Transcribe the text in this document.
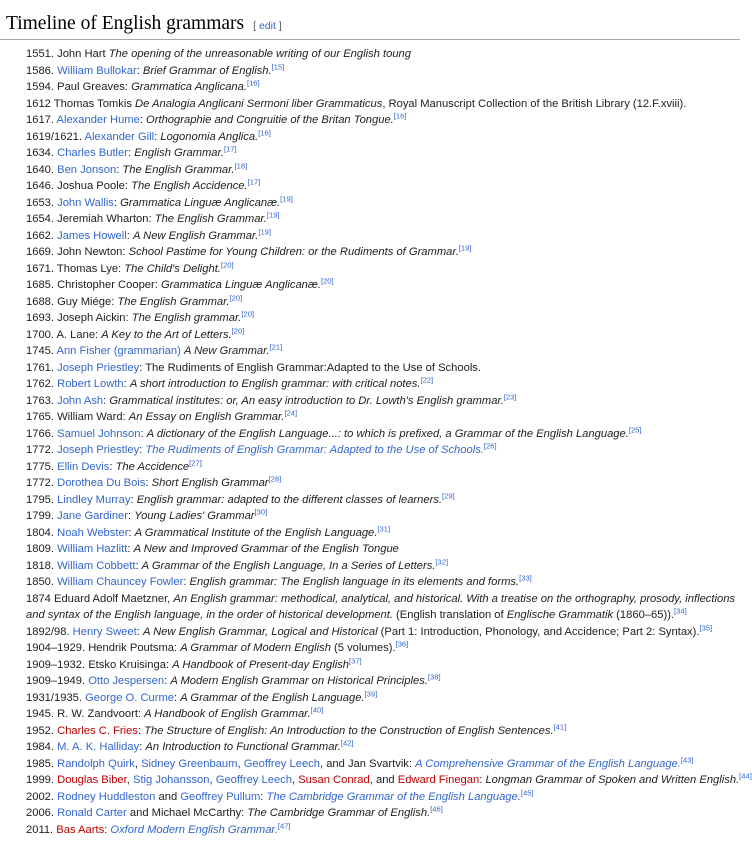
Timeline of English grammars [ edit ]
1551. John Hart The opening of the unreasonable writing of our English toung
1586. William Bullokar: Brief Grammar of English.[15]
1594. Paul Greaves: Grammatica Anglicana.[16]
1612 Thomas Tomkis De Analogia Anglicani Sermoni liber Grammaticus, Royal Manuscript Collection of the British Library (12.F.xviii).
1617. Alexander Hume: Orthographie and Congruitie of the Britan Tongue.[16]
1619/1621. Alexander Gill: Logonomia Anglica.[16]
1634. Charles Butler: English Grammar.[17]
1640. Ben Jonson: The English Grammar.[18]
1646. Joshua Poole: The English Accidence.[17]
1653. John Wallis: Grammatica Linguæ Anglicanæ.[19]
1654. Jeremiah Wharton: The English Grammar.[19]
1662. James Howell: A New English Grammar.[19]
1669. John Newton: School Pastime for Young Children: or the Rudiments of Grammar.[19]
1671. Thomas Lye: The Child's Delight.[20]
1685. Christopher Cooper: Grammatica Linguæ Anglicanæ.[20]
1688. Guy Miége: The English Grammar.[20]
1693. Joseph Aickin: The English grammar.[20]
1700. A. Lane: A Key to the Art of Letters.[20]
1745. Ann Fisher (grammarian) A New Grammar.[21]
1761. Joseph Priestley: The Rudiments of English Grammar:Adapted to the Use of Schools.
1762. Robert Lowth: A short introduction to English grammar: with critical notes.[22]
1763. John Ash: Grammatical institutes: or, An easy introduction to Dr. Lowth's English grammar.[23]
1765. William Ward: An Essay on English Grammar.[24]
1766. Samuel Johnson: A dictionary of the English Language...: to which is prefixed, a Grammar of the English Language.[25]
1772. Joseph Priestley: The Rudiments of English Grammar: Adapted to the Use of Schools.[26]
1775. Ellin Devis: The Accidence[27]
1772. Dorothea Du Bois: Short English Grammar[28]
1795. Lindley Murray: English grammar: adapted to the different classes of learners.[29]
1799. Jane Gardiner: Young Ladies' Grammar[30]
1804. Noah Webster: A Grammatical Institute of the English Language.[31]
1809. William Hazlitt: A New and Improved Grammar of the English Tongue
1818. William Cobbett: A Grammar of the English Language, In a Series of Letters.[32]
1850. William Chauncey Fowler: English grammar: The English language in its elements and forms.[33]
1874 Eduard Adolf Maetzner, An English grammar: methodical, analytical, and historical. With a treatise on the orthography, prosody, inflections and syntax of the English language, in the order of historical development. (English translation of Englische Grammatik (1860–65)).[34]
1892/98. Henry Sweet: A New English Grammar, Logical and Historical (Part 1: Introduction, Phonology, and Accidence; Part 2: Syntax).[35]
1904–1929. Hendrik Poutsma: A Grammar of Modern English (5 volumes).[36]
1909–1932. Etsko Kruisinga: A Handbook of Present-day English[37]
1909–1949. Otto Jespersen: A Modern English Grammar on Historical Principles.[38]
1931/1935. George O. Curme: A Grammar of the English Language.[39]
1945. R. W. Zandvoort: A Handbook of English Grammar.[40]
1952. Charles C. Fries: The Structure of English: An Introduction to the Construction of English Sentences.[41]
1984. M. A. K. Halliday: An Introduction to Functional Grammar.[42]
1985. Randolph Quirk, Sidney Greenbaum, Geoffrey Leech, and Jan Svartvik: A Comprehensive Grammar of the English Language.[43]
1999. Douglas Biber, Stig Johansson, Geoffrey Leech, Susan Conrad, and Edward Finegan: Longman Grammar of Spoken and Written English.[44]
2002. Rodney Huddleston and Geoffrey Pullum: The Cambridge Grammar of the English Language.[45]
2006. Ronald Carter and Michael McCarthy: The Cambridge Grammar of English.[46]
2011. Bas Aarts: Oxford Modern English Grammar.[47]
